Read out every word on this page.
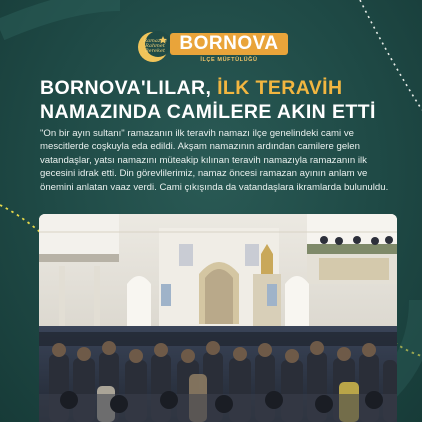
Ramazan Rahmet Bereket BORNOVA
İLÇE MÜFTÜLÜĞÜ
BORNOVA'LILAR, İLK TERAVİH
NAMAZINDA CAMİLERE AKIN ETTİ
"On bir ayın sultanı" ramazanın ilk teravih namazı ilçe genelindeki cami ve mescitlerde coşkuyla eda edildi. Akşam namazının ardından camilere gelen vatandaşlar, yatsı namazını müteakip kılınan teravih namazıyla ramazanın ilk gecesini idrak etti. Din görevlilerimiz, namaz öncesi ramazan ayının anlam ve önemini anlatan vaaz verdi. Cami çıkışında da vatandaşlara ikramlarda bulunuldu.
